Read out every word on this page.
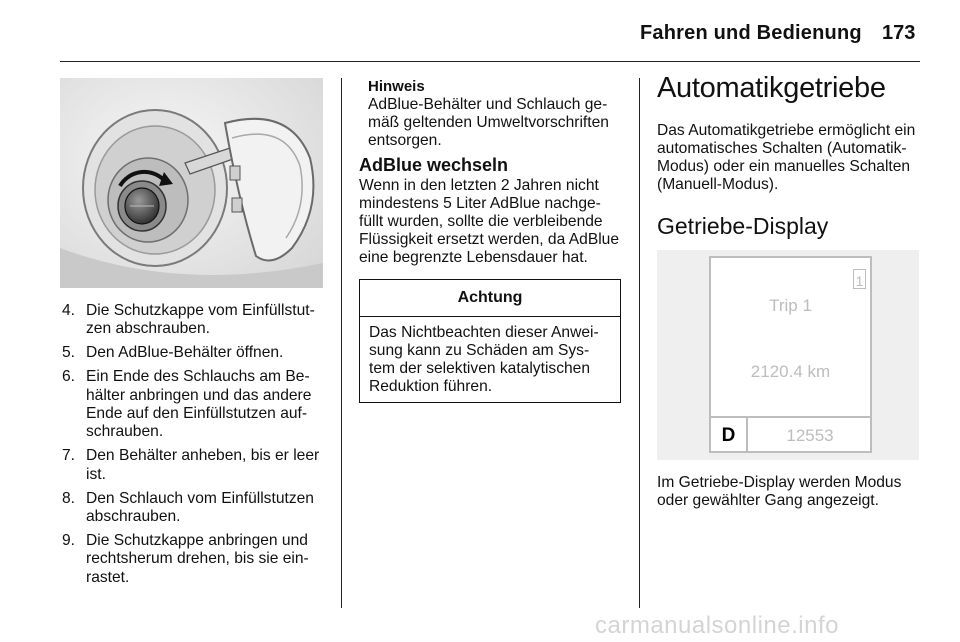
Fahren und Bedienung 173
4. Die Schutzkappe vom Einfüllstut-zen abschrauben.
5. Den AdBlue-Behälter öffnen.
6. Ein Ende des Schlauchs am Be-hälter anbringen und das andere Ende auf den Einfüllstutzen auf-schrauben.
7. Den Behälter anheben, bis er leer ist.
8. Den Schlauch vom Einfüllstutzen abschrauben.
9. Die Schutzkappe anbringen und rechtsherum drehen, bis sie ein-rastet.
Hinweis
AdBlue-Behälter und Schlauch ge-mäß geltenden Umweltvorschriften entsorgen.
AdBlue wechseln
Wenn in den letzten 2 Jahren nicht mindestens 5 Liter AdBlue nachge-füllt wurden, sollte die verbleibende Flüssigkeit ersetzt werden, da AdBlue eine begrenzte Lebensdauer hat.
Achtung
Das Nichtbeachten dieser Anwei-sung kann zu Schäden am Sys-tem der selektiven katalytischen Reduktion führen.
Automatikgetriebe
Das Automatikgetriebe ermöglicht ein automatisches Schalten (Automatik-Modus) oder ein manuelles Schalten (Manuell-Modus).
Getriebe-Display
1
Trip 1
2120.4 km
D	12553
Im Getriebe-Display werden Modus oder gewählter Gang angezeigt.
carmanualsonline.info
